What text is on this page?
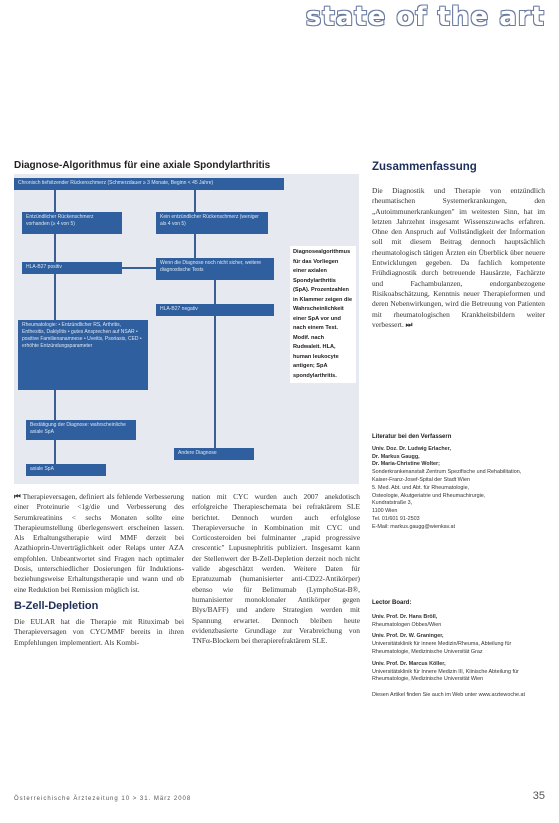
state of the art
Diagnose-Algorithmus für eine axiale Spondylarthritis
Chronisch tiefsitzender Rückenschmerz (Schmerzdauer ≥ 3 Monate, Beginn < 45 Jahre)
Entzündlicher Rückenschmerz vorhanden (≥ 4 von 5)
Kein entzündlicher Rückenschmerz (weniger als 4 von 5)
HLA-B27 positiv
Wenn die Diagnose noch nicht sicher, weitere diagnostische Tests
HLA-B27 negativ
Rheumatologie: • Entzündlicher RS, Arthritis, Enthesitis, Daktylitis • gutes Ansprechen auf NSAR • positive Familienanamnese • Uveitis, Psoriasis, CED • erhöhte Entzündungsparameter
Bestätigung der Diagnose: wahrscheinliche axiale SpA
axiale SpA
Andere Diagnose
Diagnosealgorithmus für das Vorliegen einer axialen Spondylarthritis (SpA). Prozentzahlen in Klammer zeigen die Wahrscheinlichkeit einer SpA vor und nach einem Test. Modif. nach Rudwaleit. HLA, human leukocyte antigen; SpA spondylarthritis.

⏮ Therapieversagen, definiert als fehlende Verbesserung einer Proteinurie <1g/die und Verbesserung des Serumkreatinins < sechs Monaten sollte eine Therapieumstellung überlegenswert erscheinen lassen. Als Erhaltungstherapie wird MMF derzeit bei Azathioprin-Unverträglichkeit oder Relaps unter AZA empfohlen. Unbeantwortet sind Fragen nach optimaler Dosis, unterschiedlicher Dosierungen für Induktions- beziehungsweise Erhaltungstherapie und wann und ob eine Reduktion bei Remission möglich ist.

B-Zell-Depletion

Die EULAR hat die Therapie mit Rituximab bei Therapieversagen von CYC/MMF bereits in ihren Empfehlungen implementiert. Als Kombi-

nation mit CYC wurden auch 2007 anekdotisch erfolgreiche Therapieschemata bei refraktärem SLE berichtet. Dennoch wurden auch erfolglose Therapieversuche in Kombination mit CYC und Corticosteroiden bei fulminanter „rapid progressive crescentic" Lupusnephritis publiziert. Insgesamt kann der Stellenwert der B-Zell-Depletion derzeit noch nicht valide abgeschätzt werden. Weitere Daten für Epratuzumab (humanisierter anti-CD22-Antikörper) ebenso wie für Belimumab (LymphoStat-B®, humanisierter monoklonaler Antikörper gegen Blys/BAFF) und andere Strategien werden mit Spannung erwartet. Dennoch bleiben heute evidenzbasierte Grundlage zur Verabreichung von TNFα-Blockern bei therapierefraktärem SLE.

Zusammenfassung

Die Diagnostik und Therapie von entzündlich rheumatischen Systemerkrankungen, den „Autoimmunerkrankungen" im weitesten Sinn, hat im letzten Jahrzehnt insgesamt Wissenszuwachs erfahren. Ohne den Anspruch auf Vollständigkeit der Information soll mit diesem Beitrag dennoch hauptsächlich rheumatologisch tätigen Ärzten ein Überblick über neuere Entwicklungen gegeben. Da fachlich kompetente Frühdiagnostik durch betreuende Hausärzte, Fachärzte und Fachambulanzen, endorganbezogene Risikoabschätzung, Kenntnis neuer Therapieformen und deren Nebenwirkungen, wird die Betreuung von Patienten mit rheumatologischen Krankheitsbildern weiter verbessert. ⏭

Literatur bei den Verfassern
Univ. Doz. Dr. Ludwig Erlacher,
Dr. Markus Gaugg,
Dr. Maria-Christine Wolter;
Sonderkrankenanstalt Zentrum Spezifische und Rehabilitation,
Kaiser-Franz-Josef-Spital der Stadt Wien
5. Med. Abt. und Abt. für Rheumatologie,
Osteologie, Akutgeriatrie und Rheumachirurgie,
Kundratstraße 3,
1100 Wien
Tel. 01/601 91-2503
E-Mail: markus.gaugg@wienkav.at
Lector Board:
Univ. Prof. Dr. Hans Bröll,
Rheumatologen Obbes/Wien
Univ. Prof. Dr. W. Graninger,
Universitätsklinik für innere Medizin/Rheuma, Abteilung für Rheumatologie, Medizinische Universität Graz
Univ. Prof. Dr. Marcus Köller,
Universitätsklinik für Innere Medizin III, Klinische Abteilung für Rheumatologie, Medizinische Universität Wien
Diesen Artikel finden Sie auch im Web unter www.arztewoche.at
Österreichische Ärztezeitung 10 > 31. März 2008	35
